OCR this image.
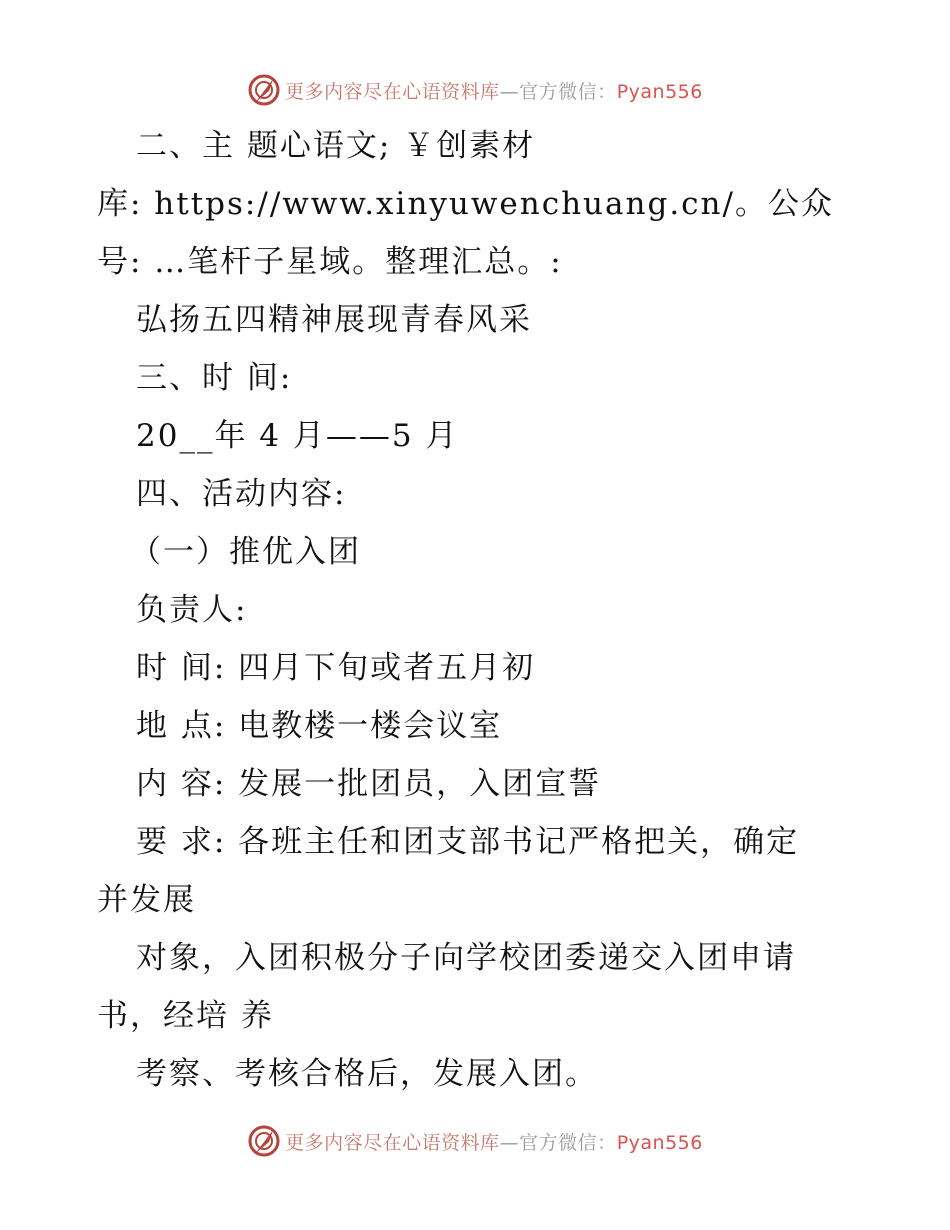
更多内容尽在心语资料库—官方微信：Pyan556
二、主 题心语文; ￥创素材
库: https://www.xinyuwenchuang.cn/。公众
号: …笔杆子星域。整理汇总。:
弘扬五四精神展现青春风采
三、时 间:
20__年 4 月——5 月
四、活动内容:
（一）推优入团
负责人:
时 间: 四月下旬或者五月初
地 点: 电教楼一楼会议室
内 容: 发展一批团员，入团宣誓
要 求: 各班主任和团支部书记严格把关，确定
并发展
对象，入团积极分子向学校团委递交入团申请
书，经培 养
考察、考核合格后，发展入团。
更多内容尽在心语资料库—官方微信：Pyan556
